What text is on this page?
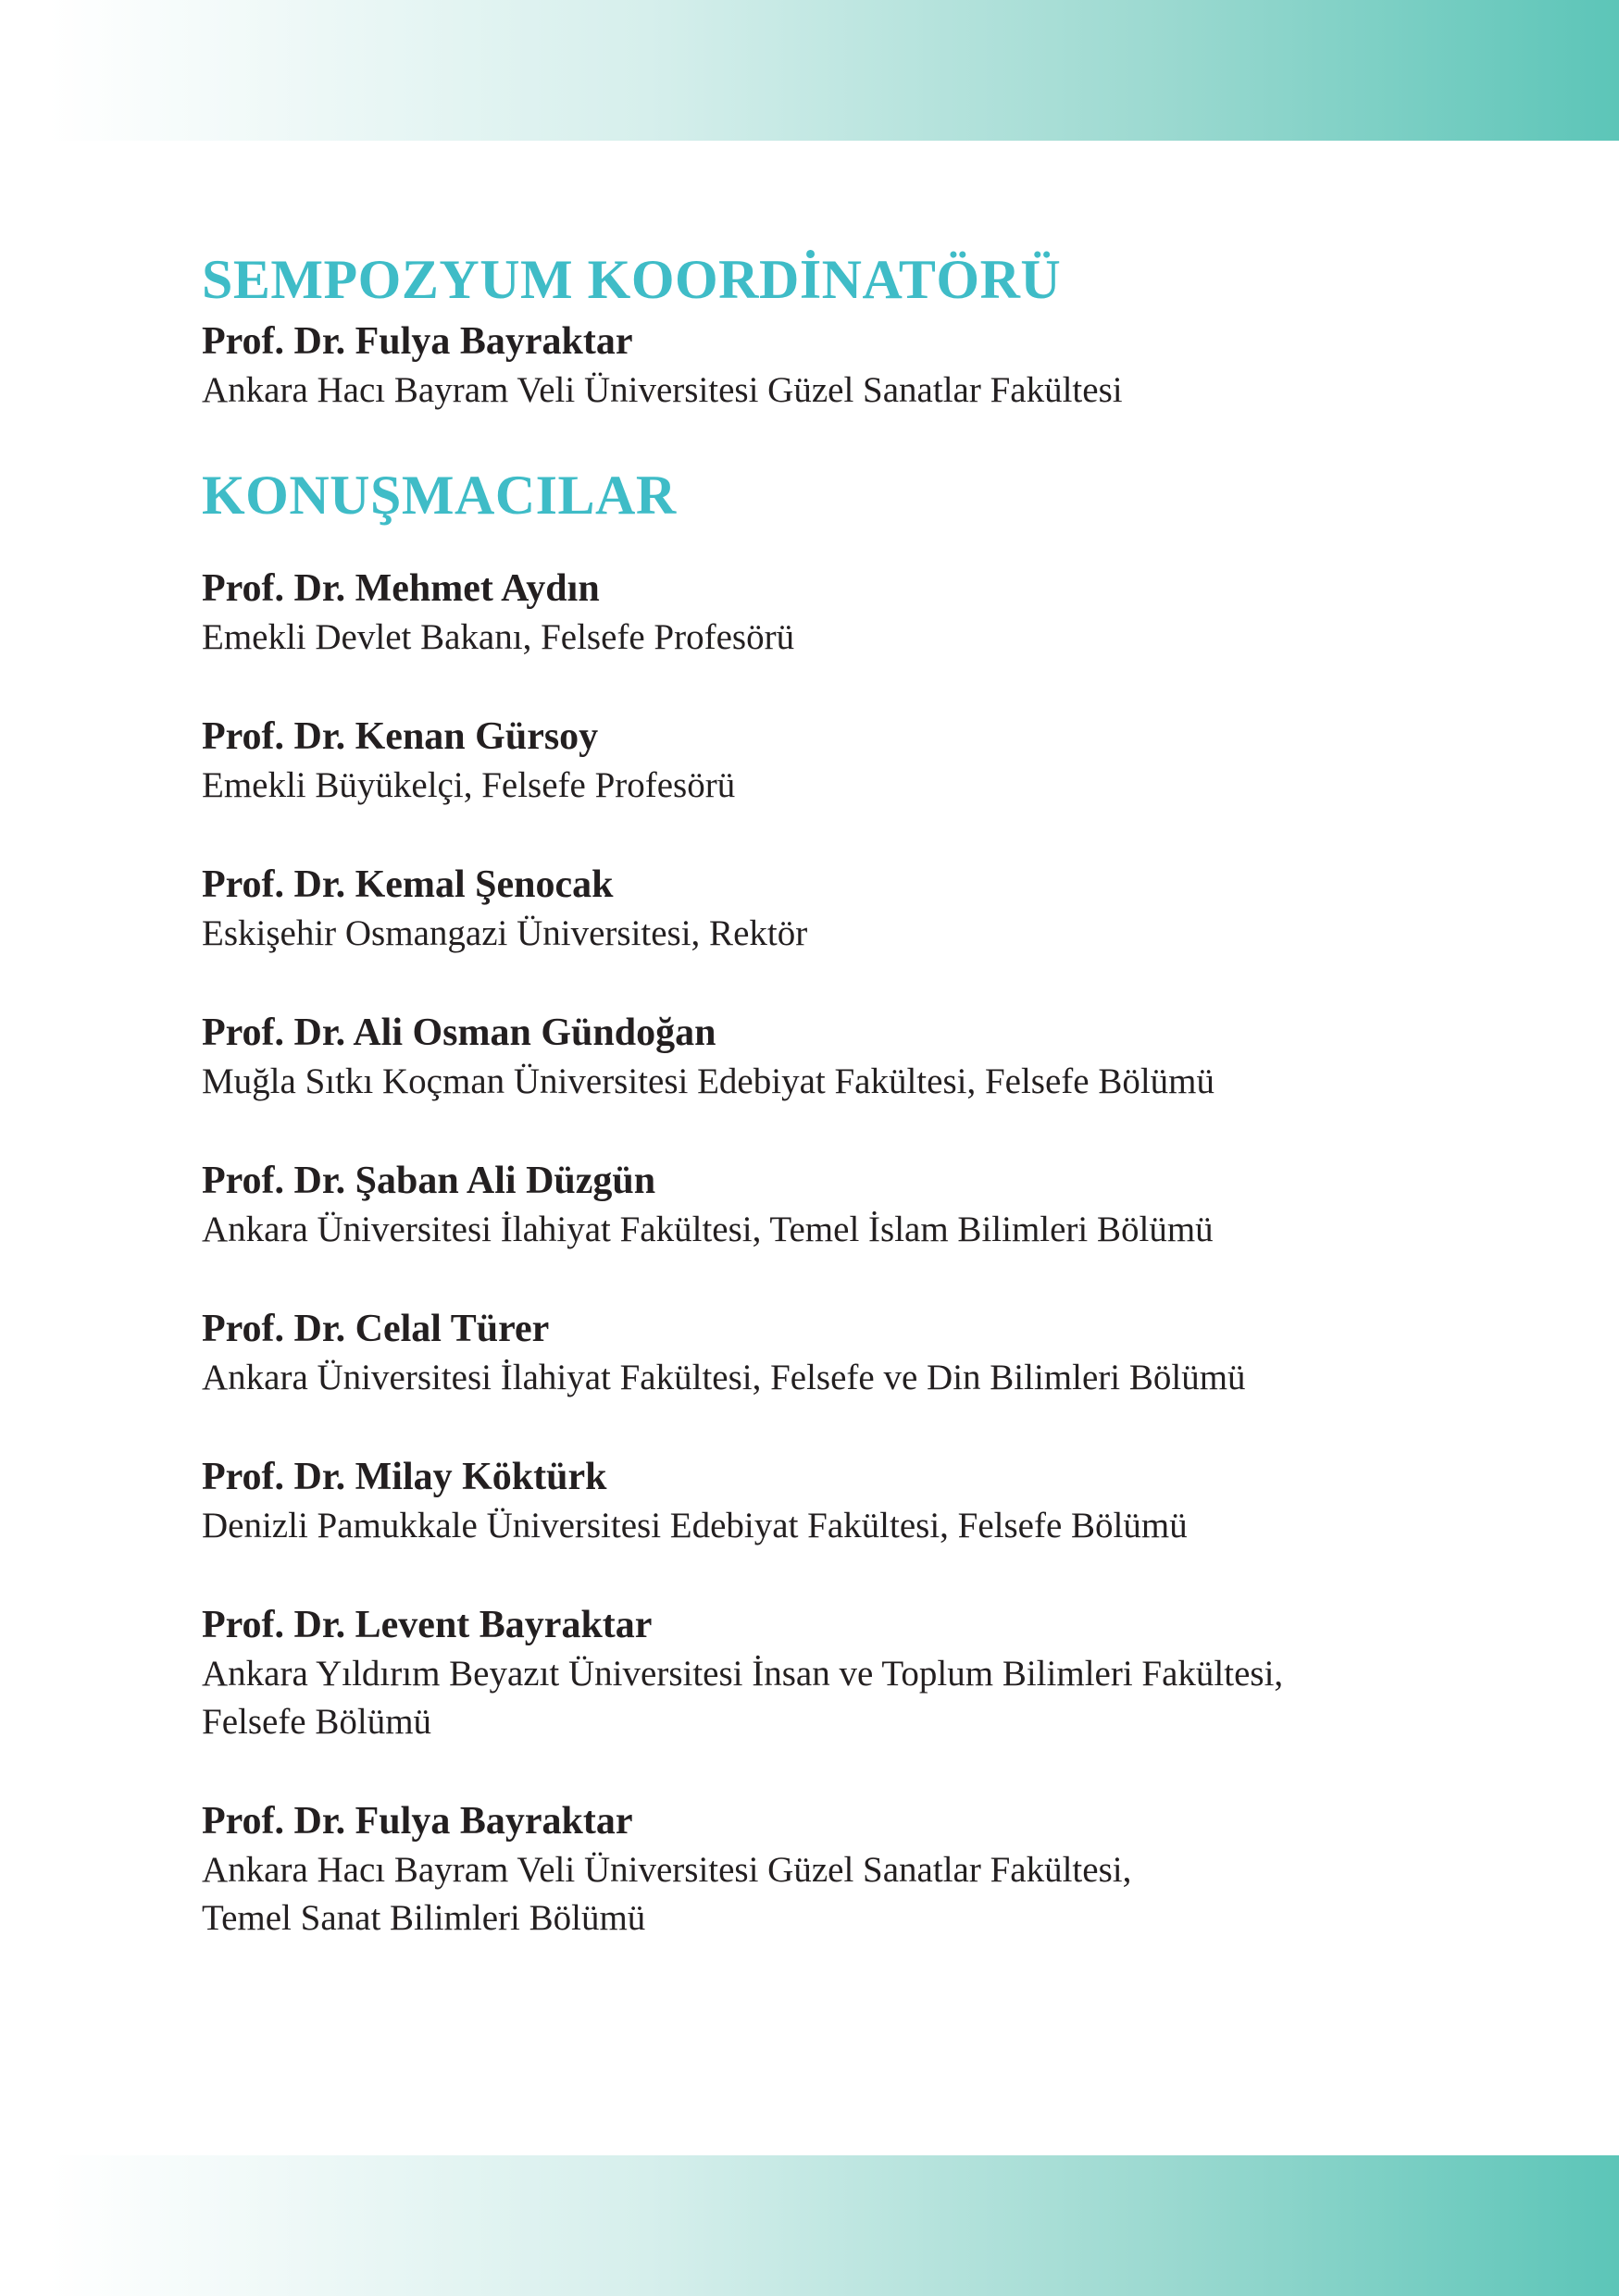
SEMPOZYUM KOORDİNATÖRÜ
Prof. Dr. Fulya Bayraktar
Ankara Hacı Bayram Veli Üniversitesi Güzel Sanatlar Fakültesi
KONUŞMACILAR
Prof. Dr. Mehmet Aydın
Emekli Devlet Bakanı, Felsefe Profesörü
Prof. Dr. Kenan Gürsoy
Emekli Büyükelçi, Felsefe Profesörü
Prof. Dr. Kemal Şenocak
Eskişehir Osmangazi Üniversitesi, Rektör
Prof. Dr. Ali Osman Gündoğan
Muğla Sıtkı Koçman Üniversitesi Edebiyat Fakültesi, Felsefe Bölümü
Prof. Dr. Şaban Ali Düzgün
Ankara Üniversitesi İlahiyat Fakültesi, Temel İslam Bilimleri Bölümü
Prof. Dr. Celal Türer
Ankara Üniversitesi İlahiyat Fakültesi, Felsefe ve Din Bilimleri Bölümü
Prof. Dr. Milay Köktürk
Denizli Pamukkale Üniversitesi Edebiyat Fakültesi, Felsefe Bölümü
Prof. Dr. Levent Bayraktar
Ankara Yıldırım Beyazıt Üniversitesi İnsan ve Toplum Bilimleri Fakültesi,
Felsefe Bölümü
Prof. Dr. Fulya Bayraktar
Ankara Hacı Bayram Veli Üniversitesi Güzel Sanatlar Fakültesi,
Temel Sanat Bilimleri Bölümü
